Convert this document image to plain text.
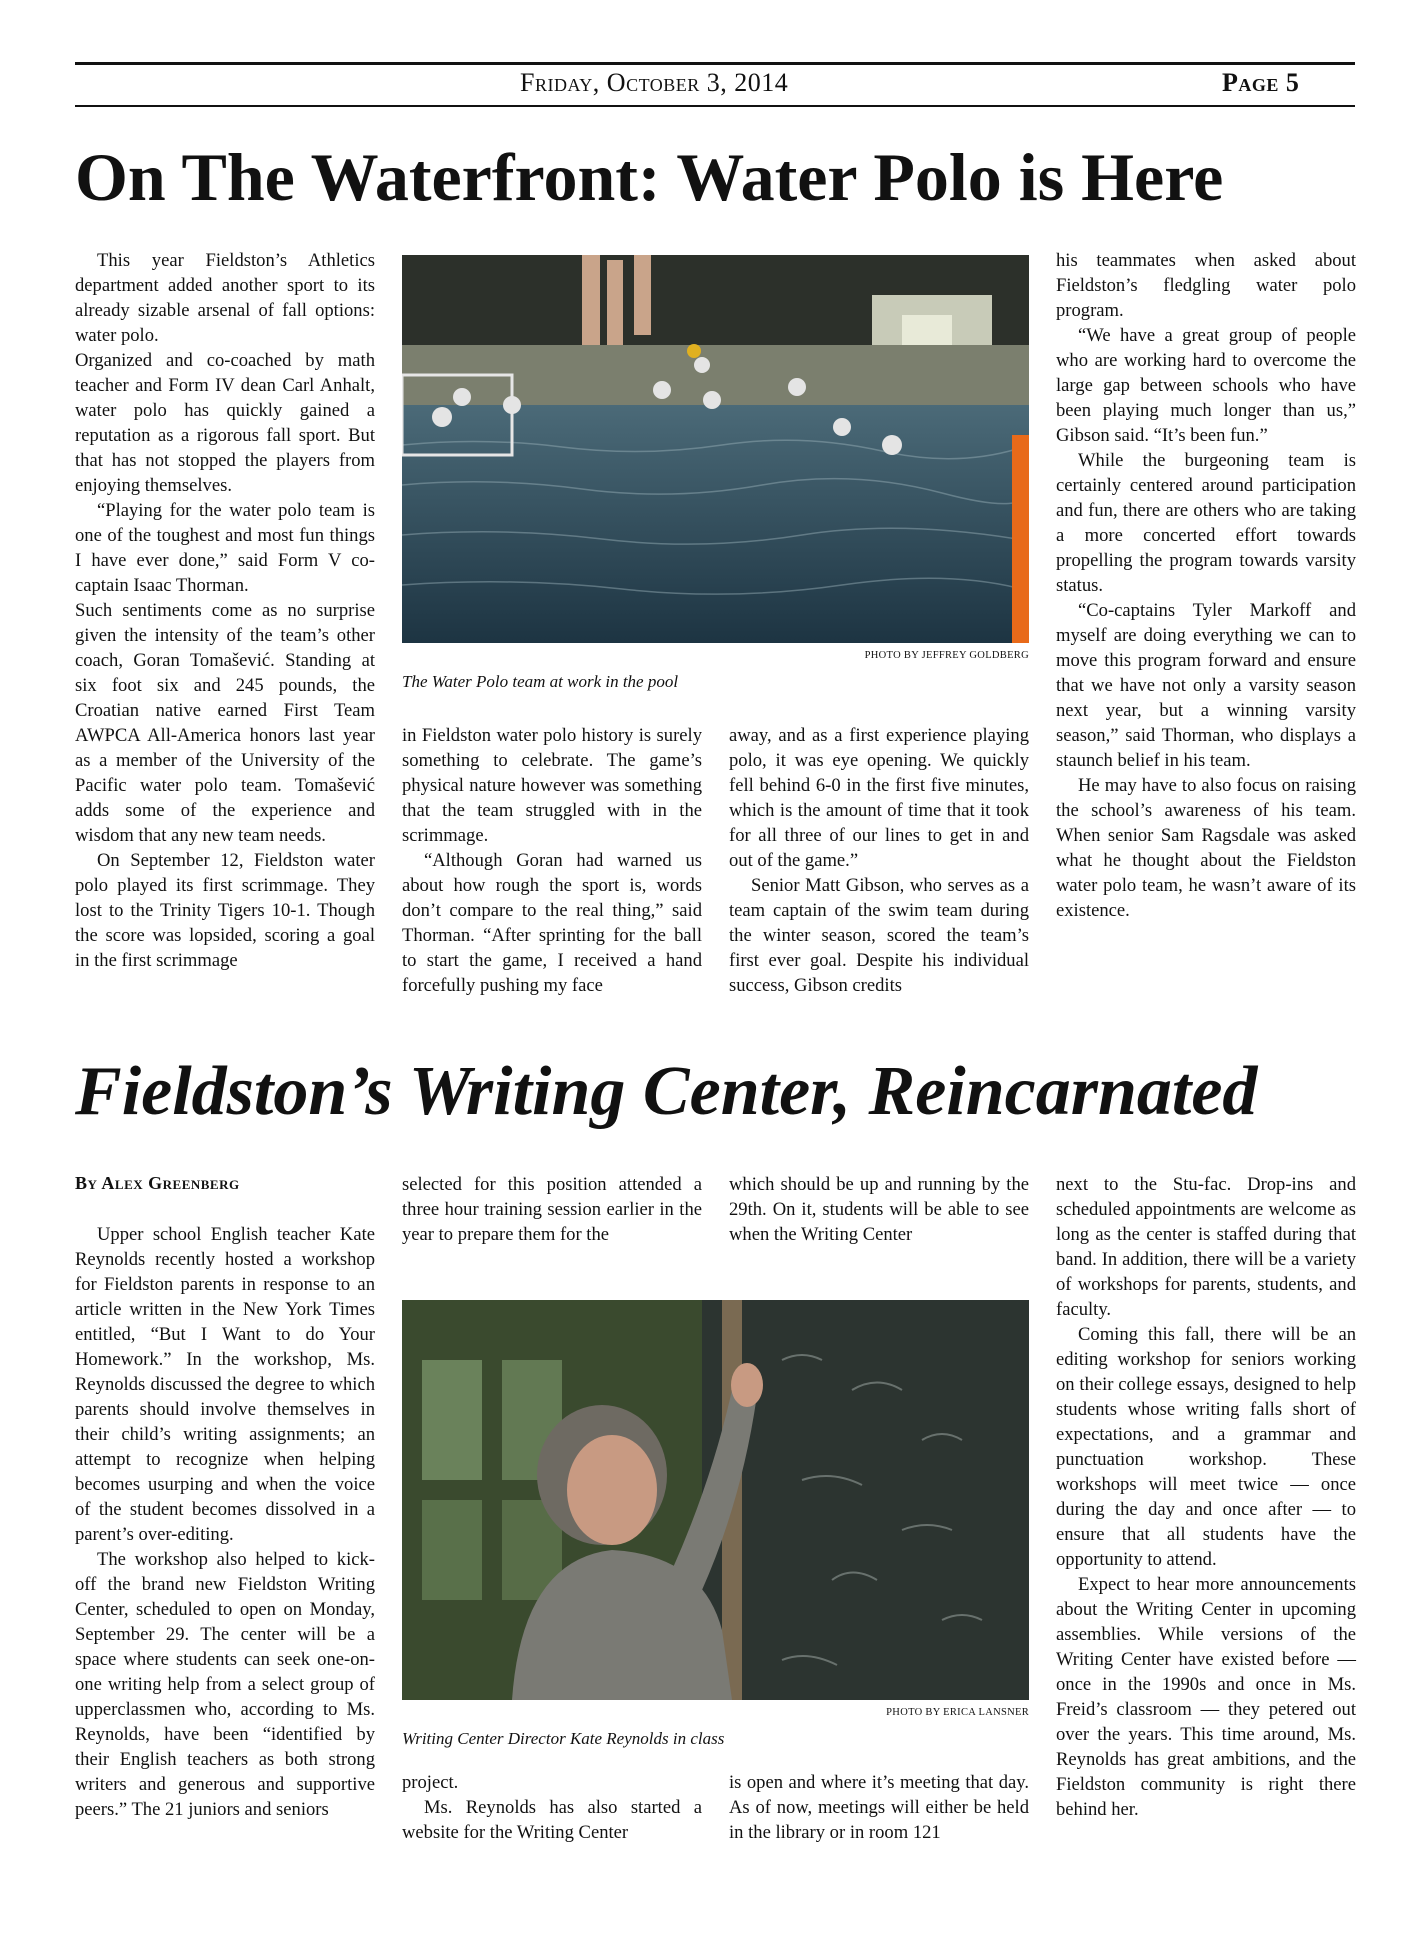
Friday, October 3, 2014	Page 5
On The Waterfront: Water Polo is Here

This year Fieldston’s Athletics department added another sport to its already sizable arsenal of fall options: water polo.

Organized and co-coached by math teacher and Form IV dean Carl Anhalt, water polo has quickly gained a reputation as a rigorous fall sport. But that has not stopped the players from enjoying themselves.

“Playing for the water polo team is one of the toughest and most fun things I have ever done,” said Form V co-captain Isaac Thorman.

Such sentiments come as no surprise given the intensity of the team’s other coach, Goran Tomašević. Standing at six foot six and 245 pounds, the Croatian native earned First Team AWPCA All-America honors last year as a member of the University of the Pacific water polo team. Tomašević adds some of the experience and wisdom that any new team needs.

On September 12, Fieldston water polo played its first scrimmage. They lost to the Trinity Tigers 10-1. Though the score was lopsided, scoring a goal in the first scrimmage

PHOTO BY JEFFREY GOLDBERG
The Water Polo team at work in the pool

in Fieldston water polo history is surely something to celebrate. The game’s physical nature however was something that the team struggled with in the scrimmage.

“Although Goran had warned us about how rough the sport is, words don’t compare to the real thing,” said Thorman. “After sprinting for the ball to start the game, I received a hand forcefully pushing my face

away, and as a first experience playing polo, it was eye opening. We quickly fell behind 6-0 in the first five minutes, which is the amount of time that it took for all three of our lines to get in and out of the game.”

Senior Matt Gibson, who serves as a team captain of the swim team during the winter season, scored the team’s first ever goal. Despite his individual success, Gibson credits

his teammates when asked about Fieldston’s fledgling water polo program.

“We have a great group of people who are working hard to overcome the large gap between schools who have been playing much longer than us,” Gibson said. “It’s been fun.”

While the burgeoning team is certainly centered around participation and fun, there are others who are taking a more concerted effort towards propelling the program towards varsity status.

“Co-captains Tyler Markoff and myself are doing everything we can to move this program forward and ensure that we have not only a varsity season next year, but a winning varsity season,” said Thorman, who displays a staunch belief in his team.

He may have to also focus on raising the school’s awareness of his team. When senior Sam Ragsdale was asked what he thought about the Fieldston water polo team, he wasn’t aware of its existence.

Fieldston’s Writing Center, Reincarnated
By Alex Greenberg

Upper school English teacher Kate Reynolds recently hosted a workshop for Fieldston parents in response to an article written in the New York Times entitled, “But I Want to do Your Homework.” In the workshop, Ms. Reynolds discussed the degree to which parents should involve themselves in their child’s writing assignments; an attempt to recognize when helping becomes usurping and when the voice of the student becomes dissolved in a parent’s over-editing.

The workshop also helped to kick-off the brand new Fieldston Writing Center, scheduled to open on Monday, September 29. The center will be a space where students can seek one-on-one writing help from a select group of upperclassmen who, according to Ms. Reynolds, have been “identified by their English teachers as both strong writers and generous and supportive peers.” The 21 juniors and seniors

selected for this position attended a three hour training session earlier in the year to prepare them for the

which should be up and running by the 29th. On it, students will be able to see when the Writing Center

PHOTO BY ERICA LANSNER
Writing Center Director Kate Reynolds in class

project.

Ms. Reynolds has also started a website for the Writing Center

is open and where it’s meeting that day. As of now, meetings will either be held in the library or in room 121

next to the Stu-fac. Drop-ins and scheduled appointments are welcome as long as the center is staffed during that band. In addition, there will be a variety of workshops for parents, students, and faculty.

Coming this fall, there will be an editing workshop for seniors working on their college essays, designed to help students whose writing falls short of expectations, and a grammar and punctuation workshop. These workshops will meet twice — once during the day and once after — to ensure that all students have the opportunity to attend.

Expect to hear more announcements about the Writing Center in upcoming assemblies. While versions of the Writing Center have existed before — once in the 1990s and once in Ms. Freid’s classroom — they petered out over the years. This time around, Ms. Reynolds has great ambitions, and the Fieldston community is right there behind her.
